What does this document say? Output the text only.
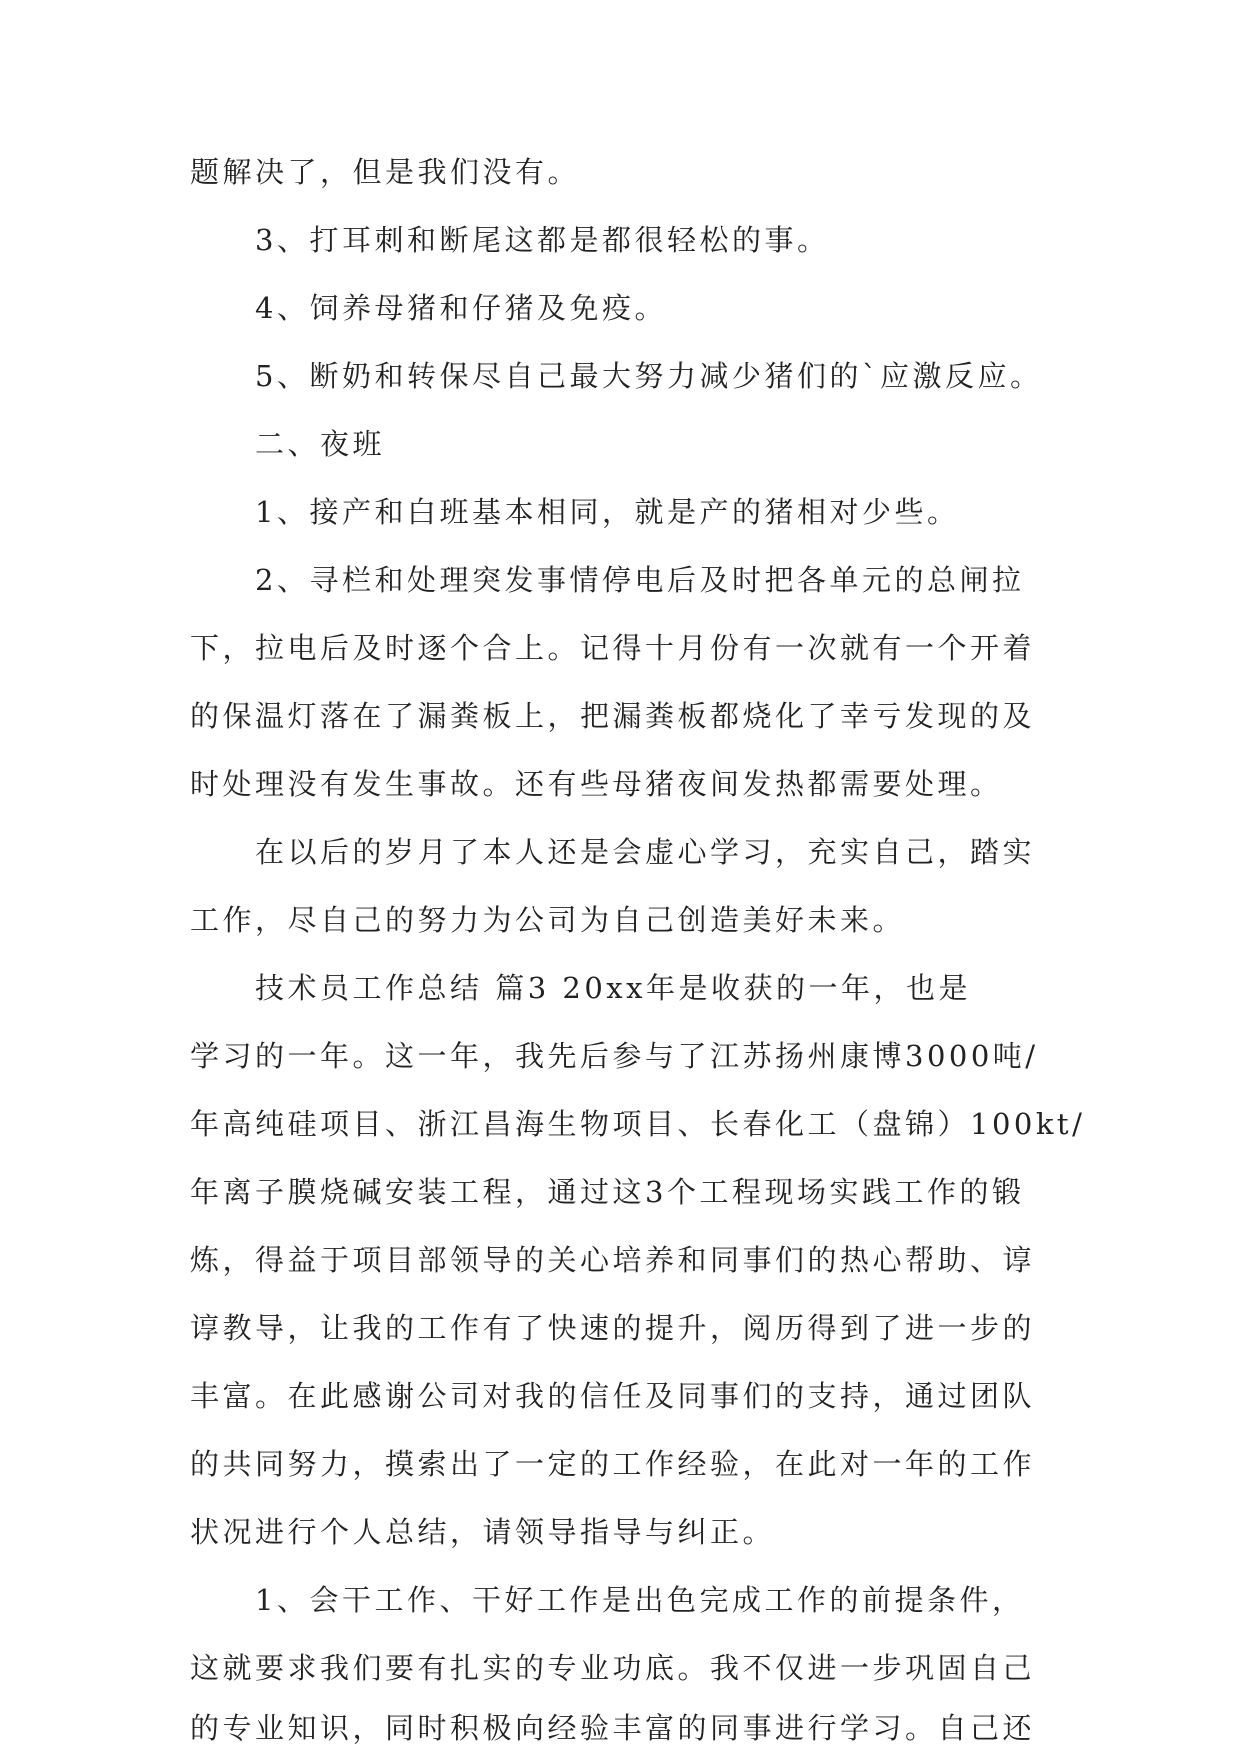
题解决了，但是我们没有。
3、打耳刺和断尾这都是都很轻松的事。
4、饲养母猪和仔猪及免疫。
5、断奶和转保尽自己最大努力减少猪们的`应激反应。
二、夜班
1、接产和白班基本相同，就是产的猪相对少些。
2、寻栏和处理突发事情停电后及时把各单元的总闸拉
下，拉电后及时逐个合上。记得十月份有一次就有一个开着
的保温灯落在了漏粪板上，把漏粪板都烧化了幸亏发现的及
时处理没有发生事故。还有些母猪夜间发热都需要处理。
在以后的岁月了本人还是会虚心学习，充实自己，踏实
工作，尽自己的努力为公司为自己创造美好未来。
技术员工作总结 篇3 20xx年是收获的一年，也是
学习的一年。这一年，我先后参与了江苏扬州康博3000吨/
年高纯硅项目、浙江昌海生物项目、长春化工（盘锦）100kt/
年离子膜烧碱安装工程，通过这3个工程现场实践工作的锻
炼，得益于项目部领导的关心培养和同事们的热心帮助、谆
谆教导，让我的工作有了快速的提升，阅历得到了进一步的
丰富。在此感谢公司对我的信任及同事们的支持，通过团队
的共同努力，摸索出了一定的工作经验，在此对一年的工作
状况进行个人总结，请领导指导与纠正。
1、会干工作、干好工作是出色完成工作的前提条件，
这就要求我们要有扎实的专业功底。我不仅进一步巩固自己
的专业知识，同时积极向经验丰富的同事进行学习。自己还
